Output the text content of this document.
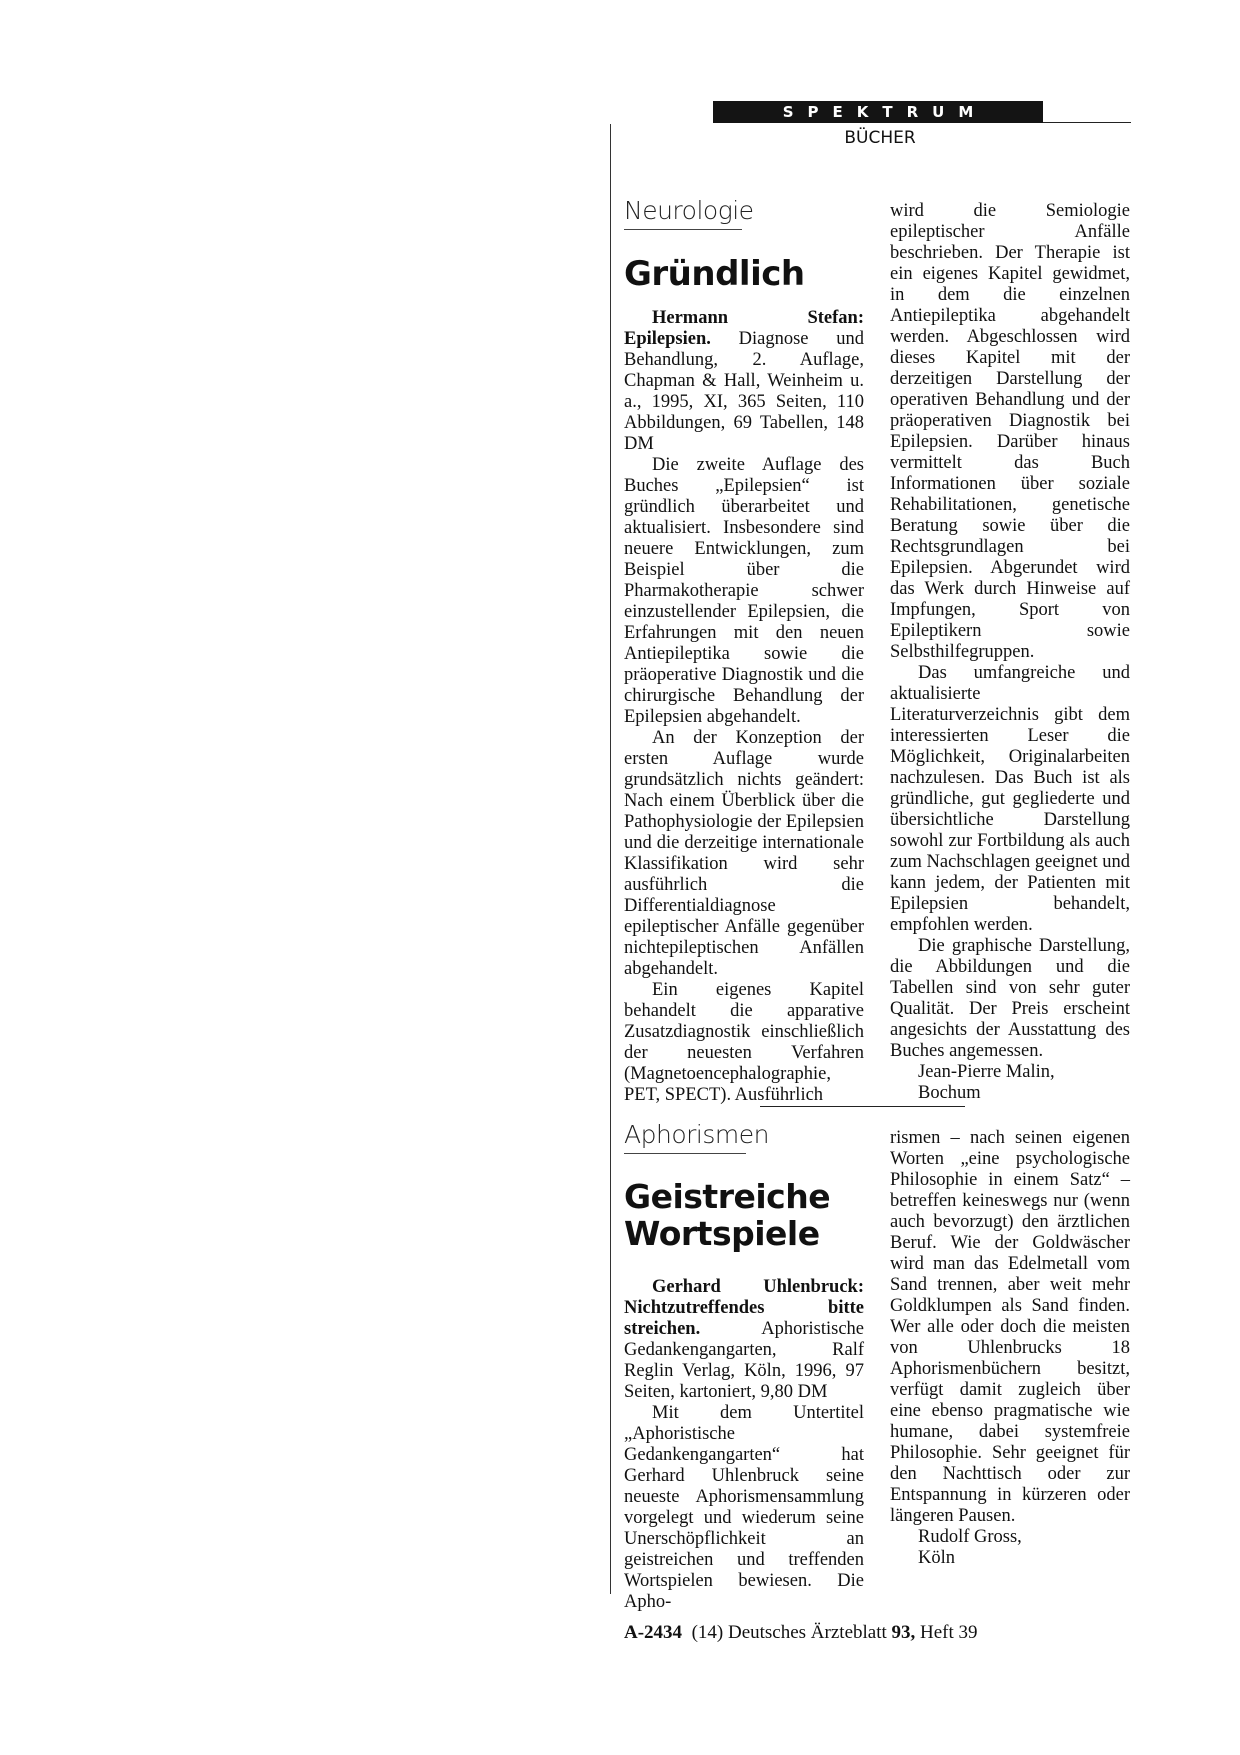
SPEKTRUM
BÜCHER
Neurologie
Gründlich

Hermann Stefan: Epilepsien. Diagnose und Behandlung, 2. Auflage, Chapman & Hall, Weinheim u. a., 1995, XI, 365 Seiten, 110 Abbildungen, 69 Tabellen, 148 DM

Die zweite Auflage des Buches „Epilepsien“ ist gründlich überarbeitet und aktualisiert. Insbesondere sind neuere Entwicklungen, zum Beispiel über die Pharmakotherapie schwer einzustellender Epilepsien, die Erfahrungen mit den neuen Antiepileptika sowie die präoperative Diagnostik und die chirurgische Behandlung der Epilepsien abgehandelt.

An der Konzeption der ersten Auflage wurde grundsätzlich nichts geändert: Nach einem Überblick über die Pathophysiologie der Epilepsien und die derzeitige internationale Klassifikation wird sehr ausführlich die Differentialdiagnose epileptischer Anfälle gegenüber nichtepileptischen Anfällen abgehandelt.

Ein eigenes Kapitel behandelt die apparative Zusatzdiagnostik einschließlich der neuesten Verfahren (Magnetoencephalographie, PET, SPECT). Ausführlich

wird die Semiologie epileptischer Anfälle beschrieben. Der Therapie ist ein eigenes Kapitel gewidmet, in dem die einzelnen Antiepileptika abgehandelt werden. Abgeschlossen wird dieses Kapitel mit der derzeitigen Darstellung der operativen Behandlung und der präoperativen Diagnostik bei Epilepsien. Darüber hinaus vermittelt das Buch Informationen über soziale Rehabilitationen, genetische Beratung sowie über die Rechtsgrundlagen bei Epilepsien. Abgerundet wird das Werk durch Hinweise auf Impfungen, Sport von Epileptikern sowie Selbsthilfegruppen.

Das umfangreiche und aktualisierte Literaturverzeichnis gibt dem interessierten Leser die Möglichkeit, Originalarbeiten nachzulesen. Das Buch ist als gründliche, gut gegliederte und übersichtliche Darstellung sowohl zur Fortbildung als auch zum Nachschlagen geeignet und kann jedem, der Patienten mit Epilepsien behandelt, empfohlen werden.

Die graphische Darstellung, die Abbildungen und die Tabellen sind von sehr guter Qualität. Der Preis erscheint angesichts der Ausstattung des Buches angemessen.

Jean-Pierre Malin,

Bochum

Aphorismen
Geistreiche
Wortspiele

Gerhard Uhlenbruck: Nichtzutreffendes bitte streichen. Aphoristische Gedankengangarten, Ralf Reglin Verlag, Köln, 1996, 97 Seiten, kartoniert, 9,80 DM

Mit dem Untertitel „Aphoristische Gedankengangarten“ hat Gerhard Uhlenbruck seine neueste Aphorismensammlung vorgelegt und wiederum seine Unerschöpflichkeit an geistreichen und treffenden Wortspielen bewiesen. Die Apho-

rismen – nach seinen eigenen Worten „eine psychologische Philosophie in einem Satz“ – betreffen keineswegs nur (wenn auch bevorzugt) den ärztlichen Beruf. Wie der Goldwäscher wird man das Edelmetall vom Sand trennen, aber weit mehr Goldklumpen als Sand finden. Wer alle oder doch die meisten von Uhlenbrucks 18 Aphorismenbüchern besitzt, verfügt damit zugleich über eine ebenso pragmatische wie humane, dabei systemfreie Philosophie. Sehr geeignet für den Nachttisch oder zur Entspannung in kürzeren oder längeren Pausen.

Rudolf Gross,

Köln

A-2434 (14) Deutsches Ärzteblatt 93, Heft 39
